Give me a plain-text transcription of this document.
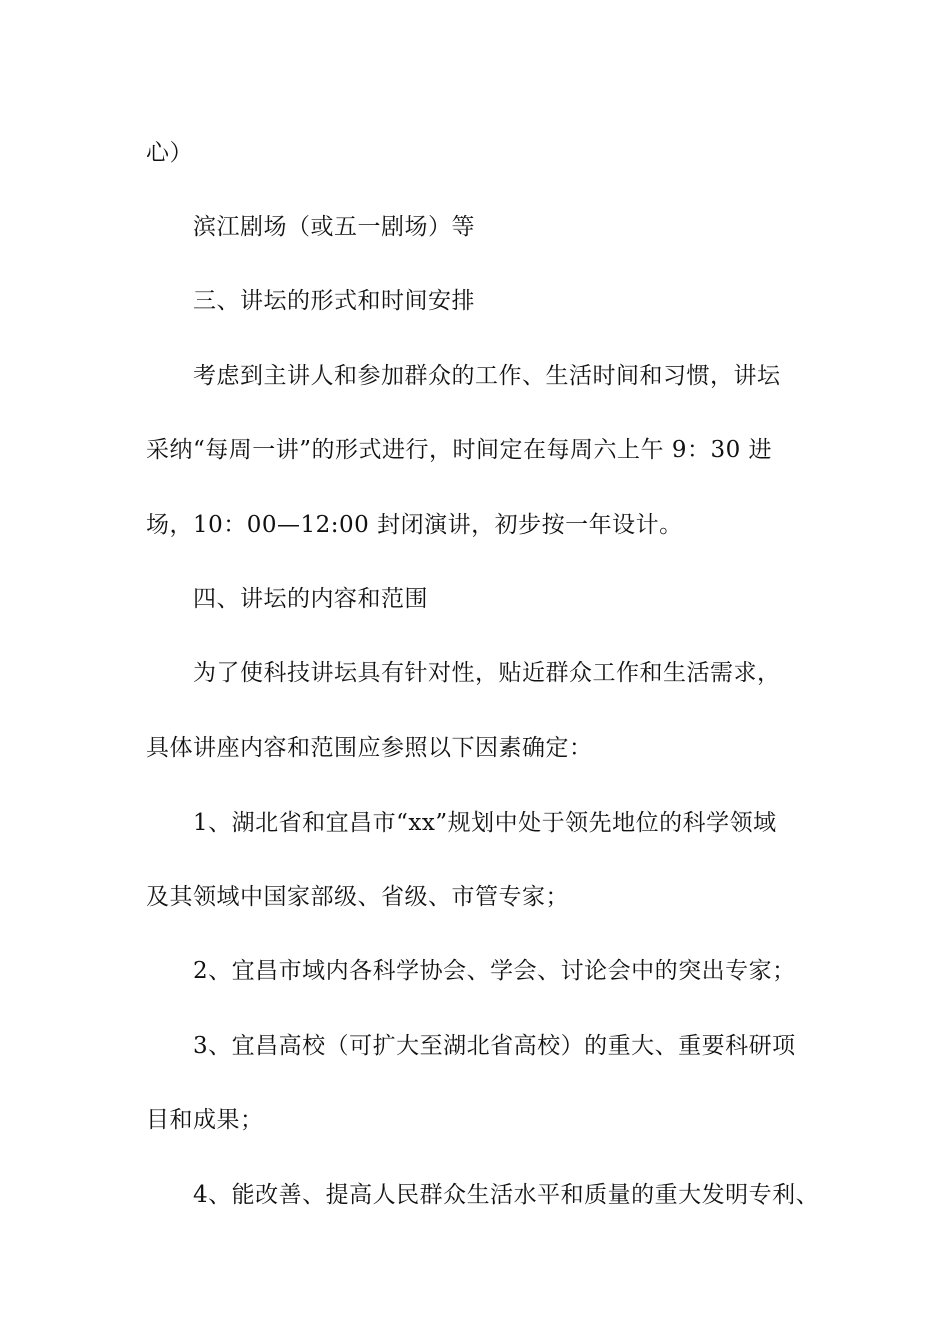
心）
滨江剧场（或五一剧场）等
三、讲坛的形式和时间安排
考虑到主讲人和参加群众的工作、生活时间和习惯，讲坛
采纳“每周一讲”的形式进行，时间定在每周六上午 9：30 进
场，10：00—12:00 封闭演讲，初步按一年设计。
四、讲坛的内容和范围
为了使科技讲坛具有针对性，贴近群众工作和生活需求，
具体讲座内容和范围应参照以下因素确定：
1、湖北省和宜昌市“xx”规划中处于领先地位的科学领域
及其领域中国家部级、省级、市管专家；
2、宜昌市域内各科学协会、学会、讨论会中的突出专家；
3、宜昌高校（可扩大至湖北省高校）的重大、重要科研项
目和成果；
4、能改善、提高人民群众生活水平和质量的重大发明专利、
